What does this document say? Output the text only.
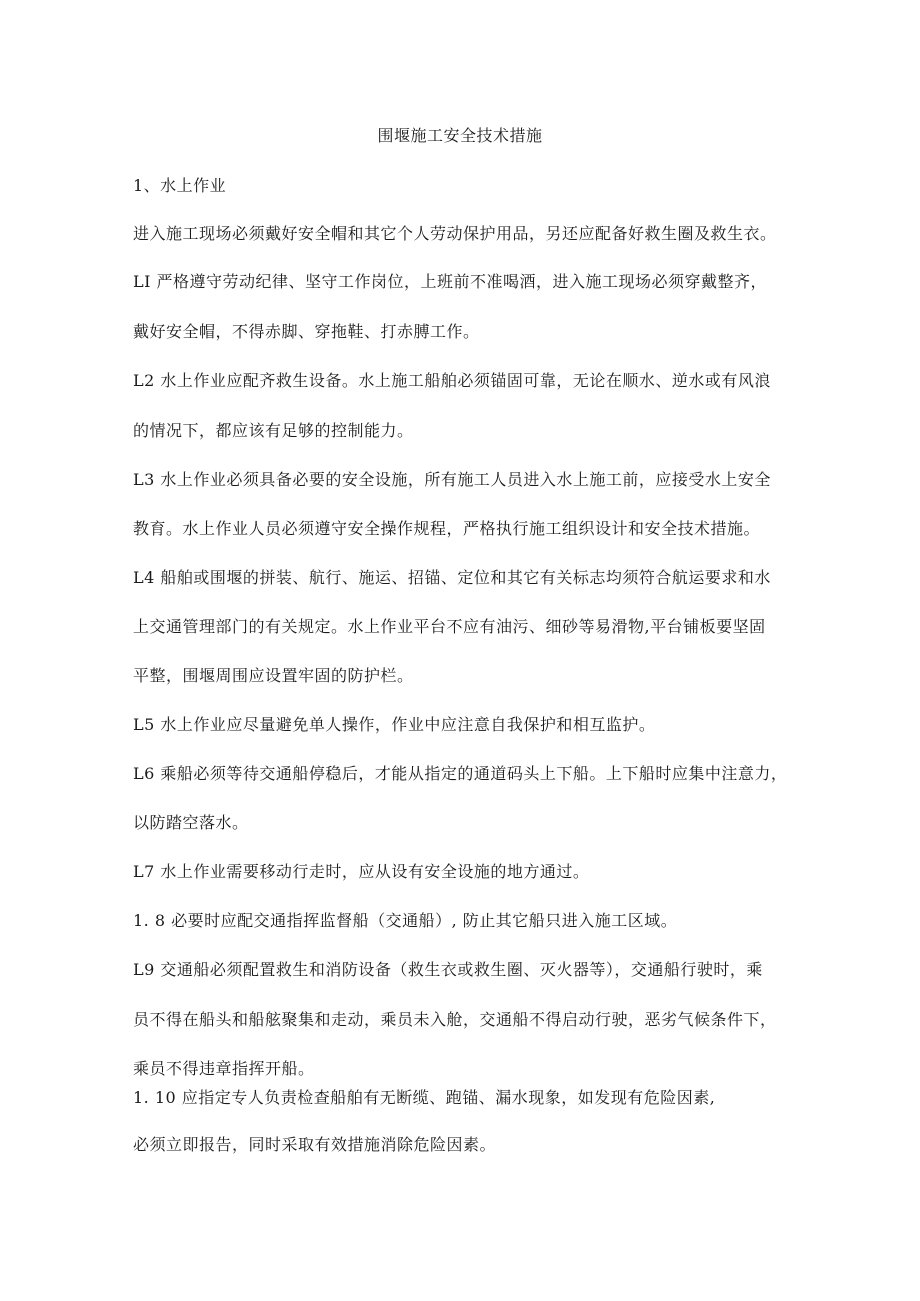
围堰施工安全技术措施
1、水上作业
进入施工现场必须戴好安全帽和其它个人劳动保护用品，另还应配备好救生圈及救生衣。
LI 严格遵守劳动纪律、坚守工作岗位，上班前不准喝酒，进入施工现场必须穿戴整齐，
戴好安全帽，不得赤脚、穿拖鞋、打赤膊工作。
L2 水上作业应配齐救生设备。水上施工船舶必须锚固可靠，无论在顺水、逆水或有风浪
的情况下，都应该有足够的控制能力。
L3 水上作业必须具备必要的安全设施，所有施工人员进入水上施工前，应接受水上安全
教育。水上作业人员必须遵守安全操作规程，严格执行施工组织设计和安全技术措施。
L4 船舶或围堰的拼装、航行、施运、招锚、定位和其它有关标志均须符合航运要求和水
上交通管理部门的有关规定。水上作业平台不应有油污、细砂等易滑物,平台铺板要坚固
平整，围堰周围应设置牢固的防护栏。
L5 水上作业应尽量避免单人操作，作业中应注意自我保护和相互监护。
L6 乘船必须等待交通船停稳后，才能从指定的通道码头上下船。上下船时应集中注意力，
以防踏空落水。
L7 水上作业需要移动行走时，应从设有安全设施的地方通过。
1. 8 必要时应配交通指挥监督船（交通船）, 防止其它船只进入施工区域。
L9 交通船必须配置救生和消防设备（救生衣或救生圈、灭火器等），交通船行驶时，乘
员不得在船头和船舷聚集和走动，乘员未入舱，交通船不得启动行驶，恶劣气候条件下，
乘员不得违章指挥开船。
1. 10 应指定专人负责检查船舶有无断缆、跑锚、漏水现象，如发现有危险因素,
必须立即报告，同时采取有效措施消除危险因素。
